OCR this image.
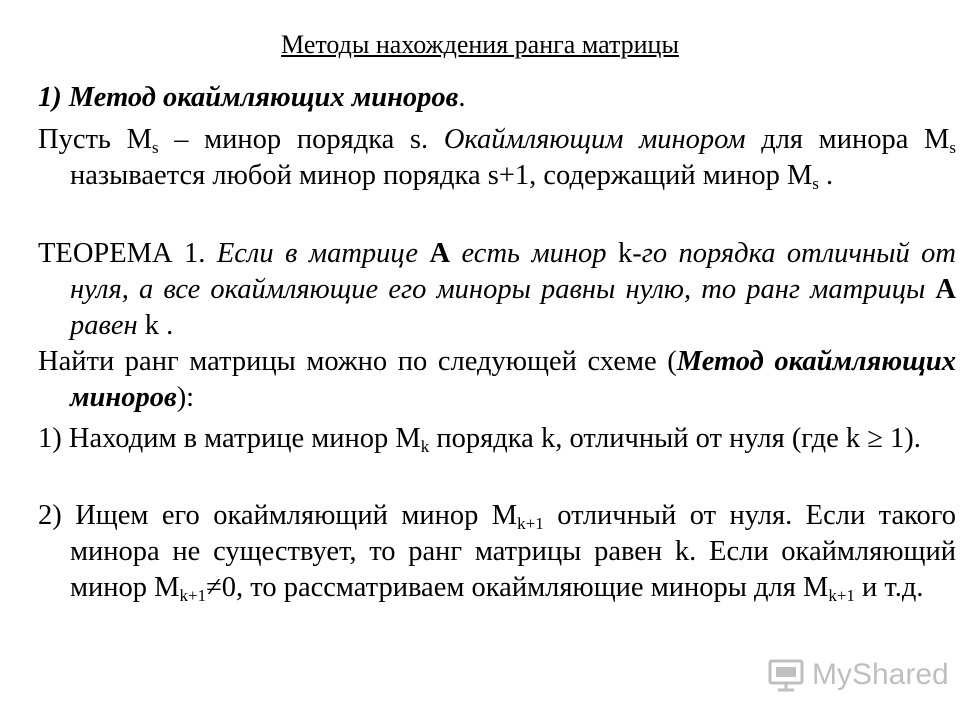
Методы нахождения ранга матрицы
1) Метод окаймляющих миноров.
Пусть $M_s$ – минор порядка s. Окаймляющим минором для минора $M_s$ называется любой минор порядка s+1, содержащий минор $M_s$ .
ТЕОРЕМА 1. Если в матрице A есть минор k-го порядка отличный от нуля, а все окаймляющие его миноры равны нулю, то ранг матрицы A равен k .
Найти ранг матрицы можно по следующей схеме (Метод окаймляющих миноров):
1) Находим в матрице минор $M_k$ порядка k, отличный от нуля (где k ≥ 1).
2) Ищем его окаймляющий минор $M_{k+1}$ отличный от нуля. Если такого минора не существует, то ранг матрицы равен k. Если окаймляющий минор $M_{k+1}\ne 0$, то рассматриваем окаймляющие миноры для $M_{k+1}$ и т.д.
MyShared
